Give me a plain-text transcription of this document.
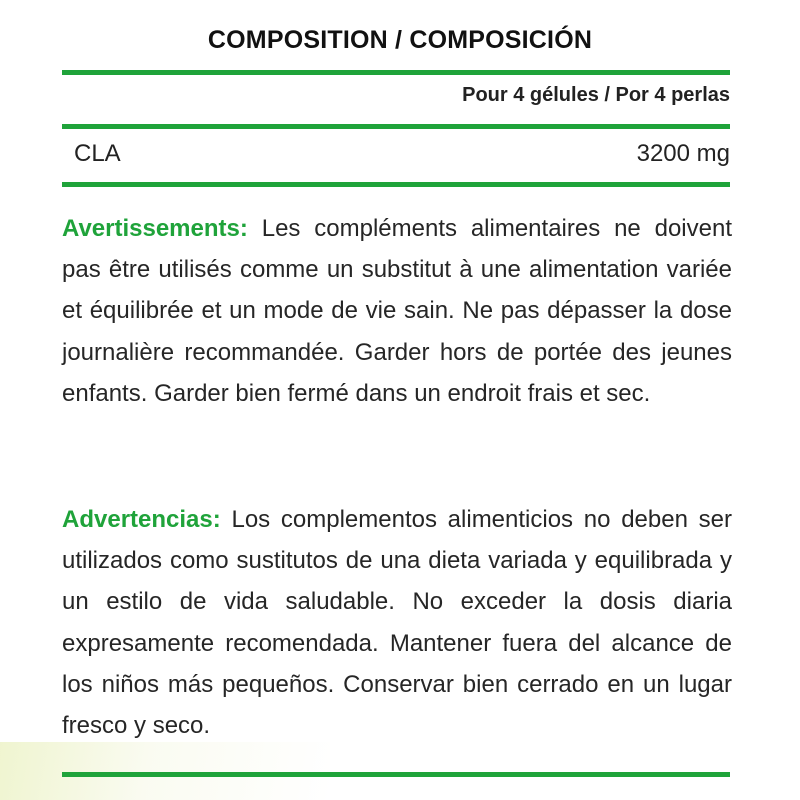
COMPOSITION / COMPOSICIÓN
Pour 4 gélules / Por 4 perlas
CLA	3200 mg
Avertissements: Les compléments alimentaires ne doivent pas être utilisés comme un substitut à une alimentation variée et équilibrée et un mode de vie sain. Ne pas dépasser la dose journalière recommandée. Garder hors de portée des jeunes enfants. Garder bien fermé dans un endroit frais et sec.
Advertencias: Los complementos alimenticios no deben ser utilizados como sustitutos de una dieta variada y equilibrada y un estilo de vida saludable. No exceder la dosis diaria expresamente recomendada. Mantener fuera del alcance de los niños más pequeños. Conservar bien cerrado en un lugar fresco y seco.
